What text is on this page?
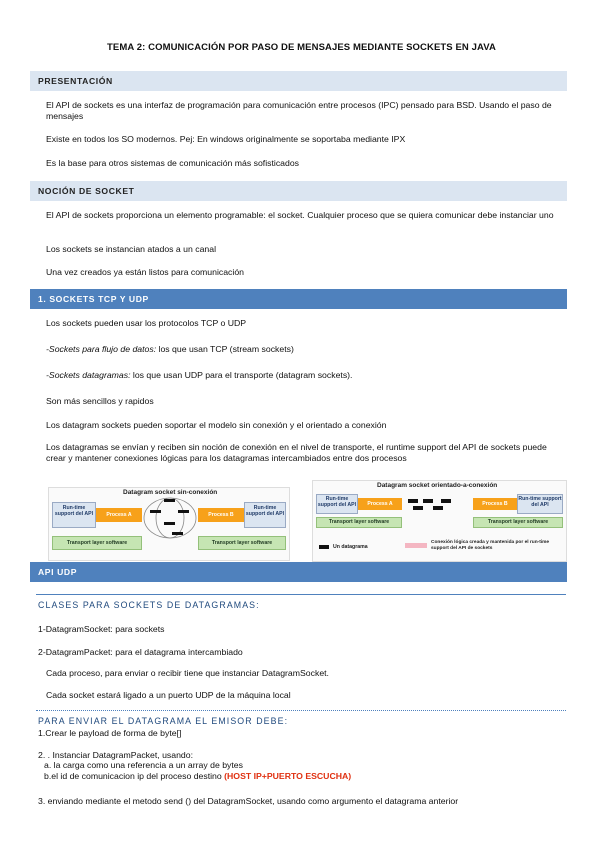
TEMA 2: COMUNICACIÓN POR PASO DE MENSAJES MEDIANTE SOCKETS EN JAVA
PRESENTACIÓN
El API de sockets es una interfaz de programación para comunicación entre procesos (IPC) pensado para BSD. Usando el paso de mensajes
Existe en todos los SO modernos. Pej: En windows originalmente se soportaba mediante IPX
Es la base para otros sistemas de comunicación más sofisticados
NOCIÓN DE SOCKET
El API de sockets proporciona un elemento programable: el socket. Cualquier proceso que se quiera comunicar debe instanciar uno
Los sockets se instancian atados a un canal
Una vez creados ya están listos para comunicación
1. SOCKETS TCP Y UDP
Los sockets pueden usar los protocolos TCP o UDP
-Sockets para flujo de datos: los que usan TCP (stream sockets)
-Sockets datagramas: los que usan UDP para el transporte (datagram sockets).
Son más sencillos y rapidos
Los datagram sockets pueden soportar el modelo sin conexión y el orientado a conexión
Los datagramas se envían y reciben sin noción de conexión en el nivel de transporte, el runtime support del API de sockets puede crear y mantener conexiones lógicas para los datagramas intercambiados entre dos procesos
Datagram socket sin-conexión
Run-time support del API	Process A	Process B
Run-time support del API
Transport layer software	Transport layer software
Datagram socket orientado-a-conexión
Run-time support del API	Process A	Process B
Run-time support del API
Transport layer software	Transport layer software
Un datagrama
Conexión lógica creada y mantenida por el run-time support del API de sockets
API UDP
CLASES PARA SOCKETS DE DATAGRAMAS:
1-DatagramSocket: para sockets
2-DatagramPacket: para el datagrama intercambiado
Cada proceso, para enviar o recibir tiene que instanciar DatagramSocket.
Cada socket estará ligado a un puerto UDP de la máquina local
PARA ENVIAR EL DATAGRAMA EL EMISOR DEBE:
1.Crear le payload de forma de byte[]
2. . Instanciar DatagramPacket, usando:
a. la carga como una referencia a un array de bytes
b.el id de comunicacion ip del proceso destino (HOST IP+PUERTO ESCUCHA)
3. enviando mediante el metodo send () del DatagramSocket, usando como argumento el datagrama anterior
